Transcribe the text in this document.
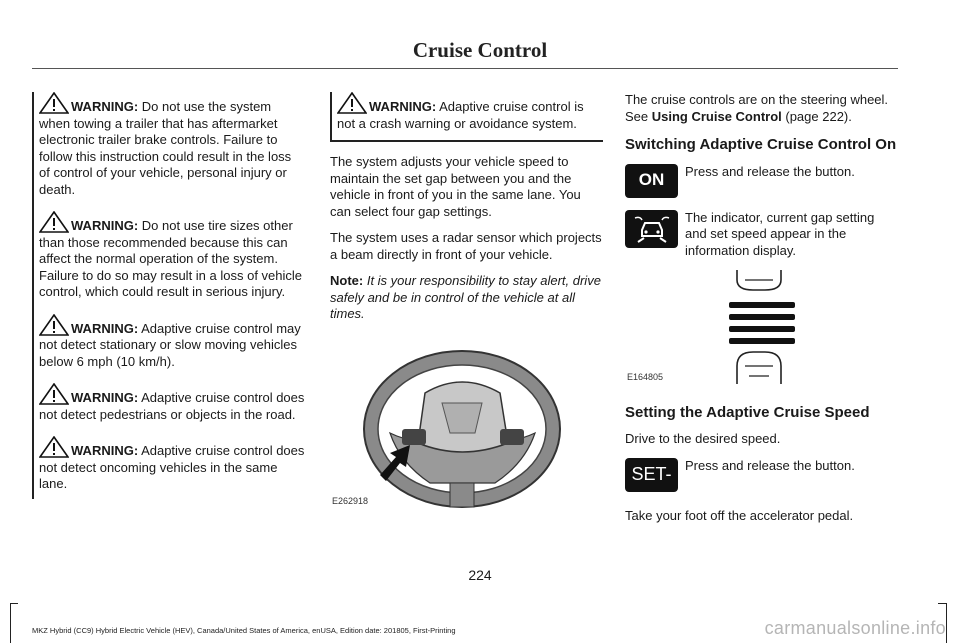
Cruise Control
WARNING: Do not use the system when towing a trailer that has aftermarket electronic trailer brake controls. Failure to follow this instruction could result in the loss of control of your vehicle, personal injury or death.
WARNING: Do not use tire sizes other than those recommended because this can affect the normal operation of the system. Failure to do so may result in a loss of vehicle control, which could result in serious injury.
WARNING: Adaptive cruise control may not detect stationary or slow moving vehicles below 6 mph (10 km/h).
WARNING: Adaptive cruise control does not detect pedestrians or objects in the road.
WARNING: Adaptive cruise control does not detect oncoming vehicles in the same lane.
WARNING: Adaptive cruise control is not a crash warning or avoidance system.

The system adjusts your vehicle speed to maintain the set gap between you and the vehicle in front of you in the same lane. You can select four gap settings.

The system uses a radar sensor which projects a beam directly in front of your vehicle.

Note: It is your responsibility to stay alert, drive safely and be in control of the vehicle at all times.

E262918

The cruise controls are on the steering wheel. See Using Cruise Control (page 222).

Switching Adaptive Cruise Control On
ON	Press and release the button.
The indicator, current gap setting and set speed appear in the information display.
E164805
Setting the Adaptive Cruise Speed

Drive to the desired speed.

SET-	Press and release the button.

Take your foot off the accelerator pedal.

224
MKZ Hybrid (CC9) Hybrid Electric Vehicle (HEV), Canada/United States of America, enUSA, Edition date: 201805, First-Printing	carmanualsonline.info
